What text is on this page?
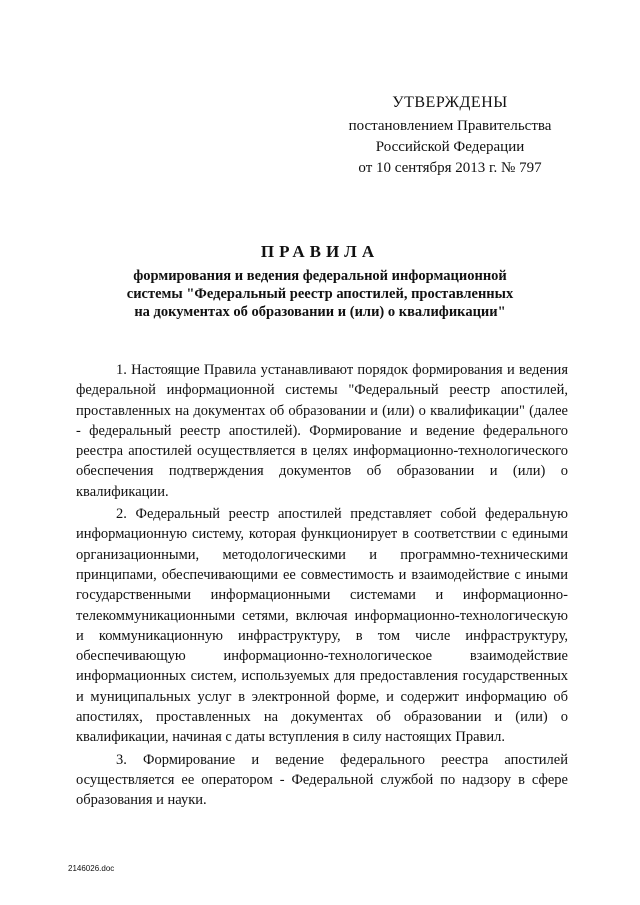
УТВЕРЖДЕНЫ
постановлением Правительства
Российской Федерации
от 10 сентября 2013 г. № 797
ПРАВИЛА
формирования и ведения федеральной информационной
системы "Федеральный реестр апостилей, проставленных
на документах об образовании и (или) о квалификации"

1. Настоящие Правила устанавливают порядок формирования и ведения федеральной информационной системы "Федеральный реестр апостилей, проставленных на документах об образовании и (или) о квалификации" (далее - федеральный реестр апостилей). Формирование и ведение федерального реестра апостилей осуществляется в целях информационно-технологического обеспечения подтверждения документов об образовании и (или) о квалификации.

2. Федеральный реестр апостилей представляет собой федеральную информационную систему, которая функционирует в соответствии с едиными организационными, методологическими и программно-техническими принципами, обеспечивающими ее совместимость и взаимодействие с иными государственными информационными системами и информационно-телекоммуникационными сетями, включая информационно-технологическую и коммуникационную инфраструктуру, в том числе инфраструктуру, обеспечивающую информационно-технологическое взаимодействие информационных систем, используемых для предоставления государственных и муниципальных услуг в электронной форме, и содержит информацию об апостилях, проставленных на документах об образовании и (или) о квалификации, начиная с даты вступления в силу настоящих Правил.

3. Формирование и ведение федерального реестра апостилей осуществляется ее оператором - Федеральной службой по надзору в сфере образования и науки.

2146026.doc
